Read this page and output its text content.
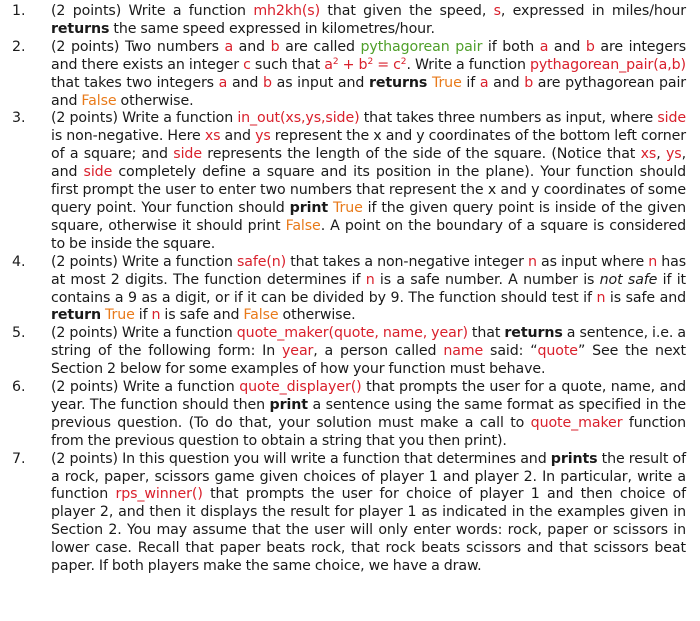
1.	(2 points) Write a function mh2kh(s) that given the speed, s, expressed in miles/hour returns the same speed expressed in kilometres/hour.
2.	(2 points) Two numbers a and b are called pythagorean pair if both a and b are integers and there exists an integer c such that $a^2 + b^2 = c^2$. Write a function pythagorean_pair(a,b) that takes two integers a and b as input and returns True if a and b are pythagorean pair and False otherwise.
3.	(2 points) Write a function in_out(xs,ys,side) that takes three numbers as input, where side is non-negative. Here xs and ys represent the x and y coordinates of the bottom left corner of a square; and side represents the length of the side of the square. (Notice that xs, ys, and side completely define a square and its position in the plane). Your function should first prompt the user to enter two numbers that represent the x and y coordinates of some query point. Your function should print True if the given query point is inside of the given square, otherwise it should print False. A point on the boundary of a square is considered to be inside the square.
4.	(2 points) Write a function safe(n) that takes a non-negative integer n as input where n has at most 2 digits. The function determines if n is a safe number. A number is not safe if it contains a 9 as a digit, or if it can be divided by 9. The function should test if n is safe and return True if n is safe and False otherwise.
5.	(2 points) Write a function quote_maker(quote, name, year) that returns a sentence, i.e. a string of the following form: In year, a person called name said: “quote” See the next Section 2 below for some examples of how your function must behave.
6.	(2 points) Write a function quote_displayer() that prompts the user for a quote, name, and year. The function should then print a sentence using the same format as specified in the previous question. (To do that, your solution must make a call to quote_maker function from the previous question to obtain a string that you then print).
7.	(2 points) In this question you will write a function that determines and prints the result of a rock, paper, scissors game given choices of player 1 and player 2. In particular, write a function rps_winner() that prompts the user for choice of player 1 and then choice of player 2, and then it displays the result for player 1 as indicated in the examples given in Section 2. You may assume that the user will only enter words: rock, paper or scissors in lower case. Recall that paper beats rock, that rock beats scissors and that scissors beat paper. If both players make the same choice, we have a draw.
